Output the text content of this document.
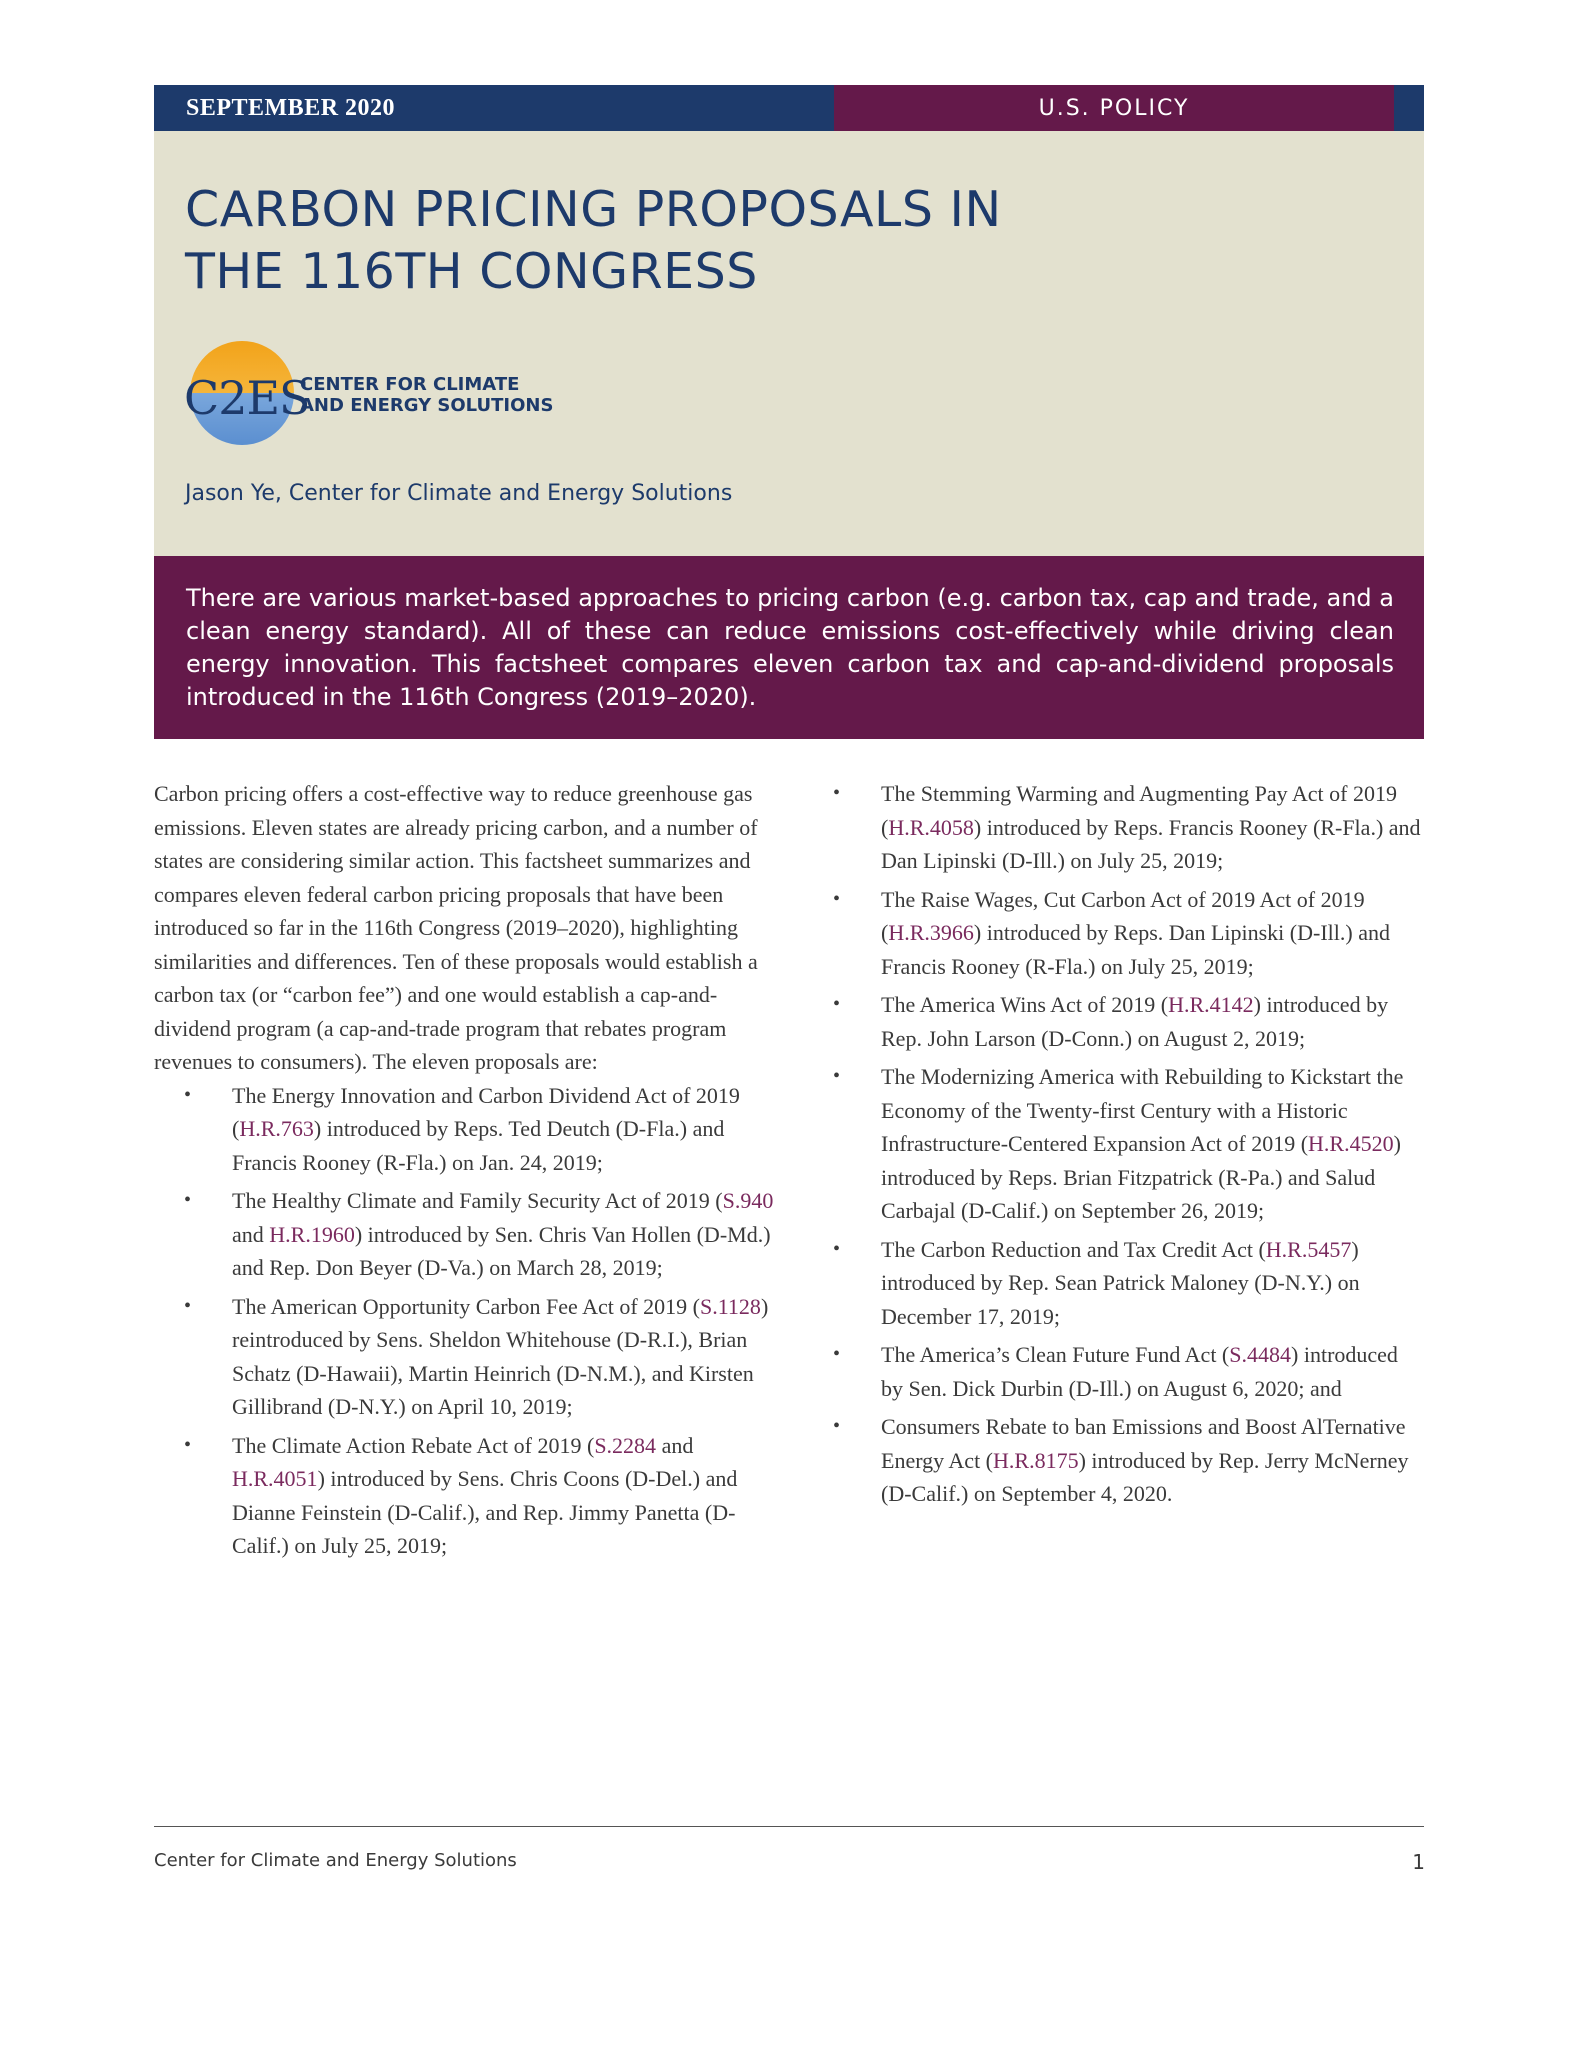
SEPTEMBER 2020	U.S. POLICY
CARBON PRICING PROPOSALS IN
THE 116TH CONGRESS
C2ES
CENTER FOR CLIMATE
AND ENERGY SOLUTIONS
Jason Ye, Center for Climate and Energy Solutions
There are various market-based approaches to pricing carbon (e.g. carbon tax, cap and trade, and a clean energy standard). All of these can reduce emissions cost-effectively while driving clean energy innovation. This factsheet compares eleven carbon tax and cap-and-dividend proposals introduced in the 116th Congress (2019–2020).

Carbon pricing offers a cost-effective way to reduce greenhouse gas emissions. Eleven states are already pricing carbon, and a number of states are considering similar action. This factsheet summarizes and compares eleven federal carbon pricing proposals that have been introduced so far in the 116th Congress (2019–2020), highlighting similarities and differences. Ten of these proposals would establish a carbon tax (or “carbon fee”) and one would establish a cap-and-dividend program (a cap-and-trade program that rebates program revenues to consumers). The eleven proposals are:

• The Energy Innovation and Carbon Dividend Act of 2019 (H.R.763) introduced by Reps. Ted Deutch (D-Fla.) and Francis Rooney (R-Fla.) on Jan. 24, 2019;
• The Healthy Climate and Family Security Act of 2019 (S.940 and H.R.1960) introduced by Sen. Chris Van Hollen (D-Md.) and Rep. Don Beyer (D-Va.) on March 28, 2019;
• The American Opportunity Carbon Fee Act of 2019 (S.1128) reintroduced by Sens. Sheldon Whitehouse (D-R.I.), Brian Schatz (D-Hawaii), Martin Heinrich (D-N.M.), and Kirsten Gillibrand (D-N.Y.) on April 10, 2019;
• The Climate Action Rebate Act of 2019 (S.2284 and H.R.4051) introduced by Sens. Chris Coons (D-Del.) and Dianne Feinstein (D-Calif.), and Rep. Jimmy Panetta (D-Calif.) on July 25, 2019;
• The Stemming Warming and Augmenting Pay Act of 2019 (H.R.4058) introduced by Reps. Francis Rooney (R-Fla.) and Dan Lipinski (D-Ill.) on July 25, 2019;
• The Raise Wages, Cut Carbon Act of 2019 Act of 2019 (H.R.3966) introduced by Reps. Dan Lipinski (D-Ill.) and Francis Rooney (R-Fla.) on July 25, 2019;
• The America Wins Act of 2019 (H.R.4142) introduced by Rep. John Larson (D-Conn.) on August 2, 2019;
• The Modernizing America with Rebuilding to Kickstart the Economy of the Twenty-first Century with a Historic Infrastructure-Centered Expansion Act of 2019 (H.R.4520) introduced by Reps. Brian Fitzpatrick (R-Pa.) and Salud Carbajal (D-Calif.) on September 26, 2019;
• The Carbon Reduction and Tax Credit Act (H.R.5457) introduced by Rep. Sean Patrick Maloney (D-N.Y.) on December 17, 2019;
• The America’s Clean Future Fund Act (S.4484) introduced by Sen. Dick Durbin (D-Ill.) on August 6, 2020; and
• Consumers Rebate to ban Emissions and Boost AlTernative Energy Act (H.R.8175) introduced by Rep. Jerry McNerney (D-Calif.) on September 4, 2020.
Center for Climate and Energy Solutions	1
